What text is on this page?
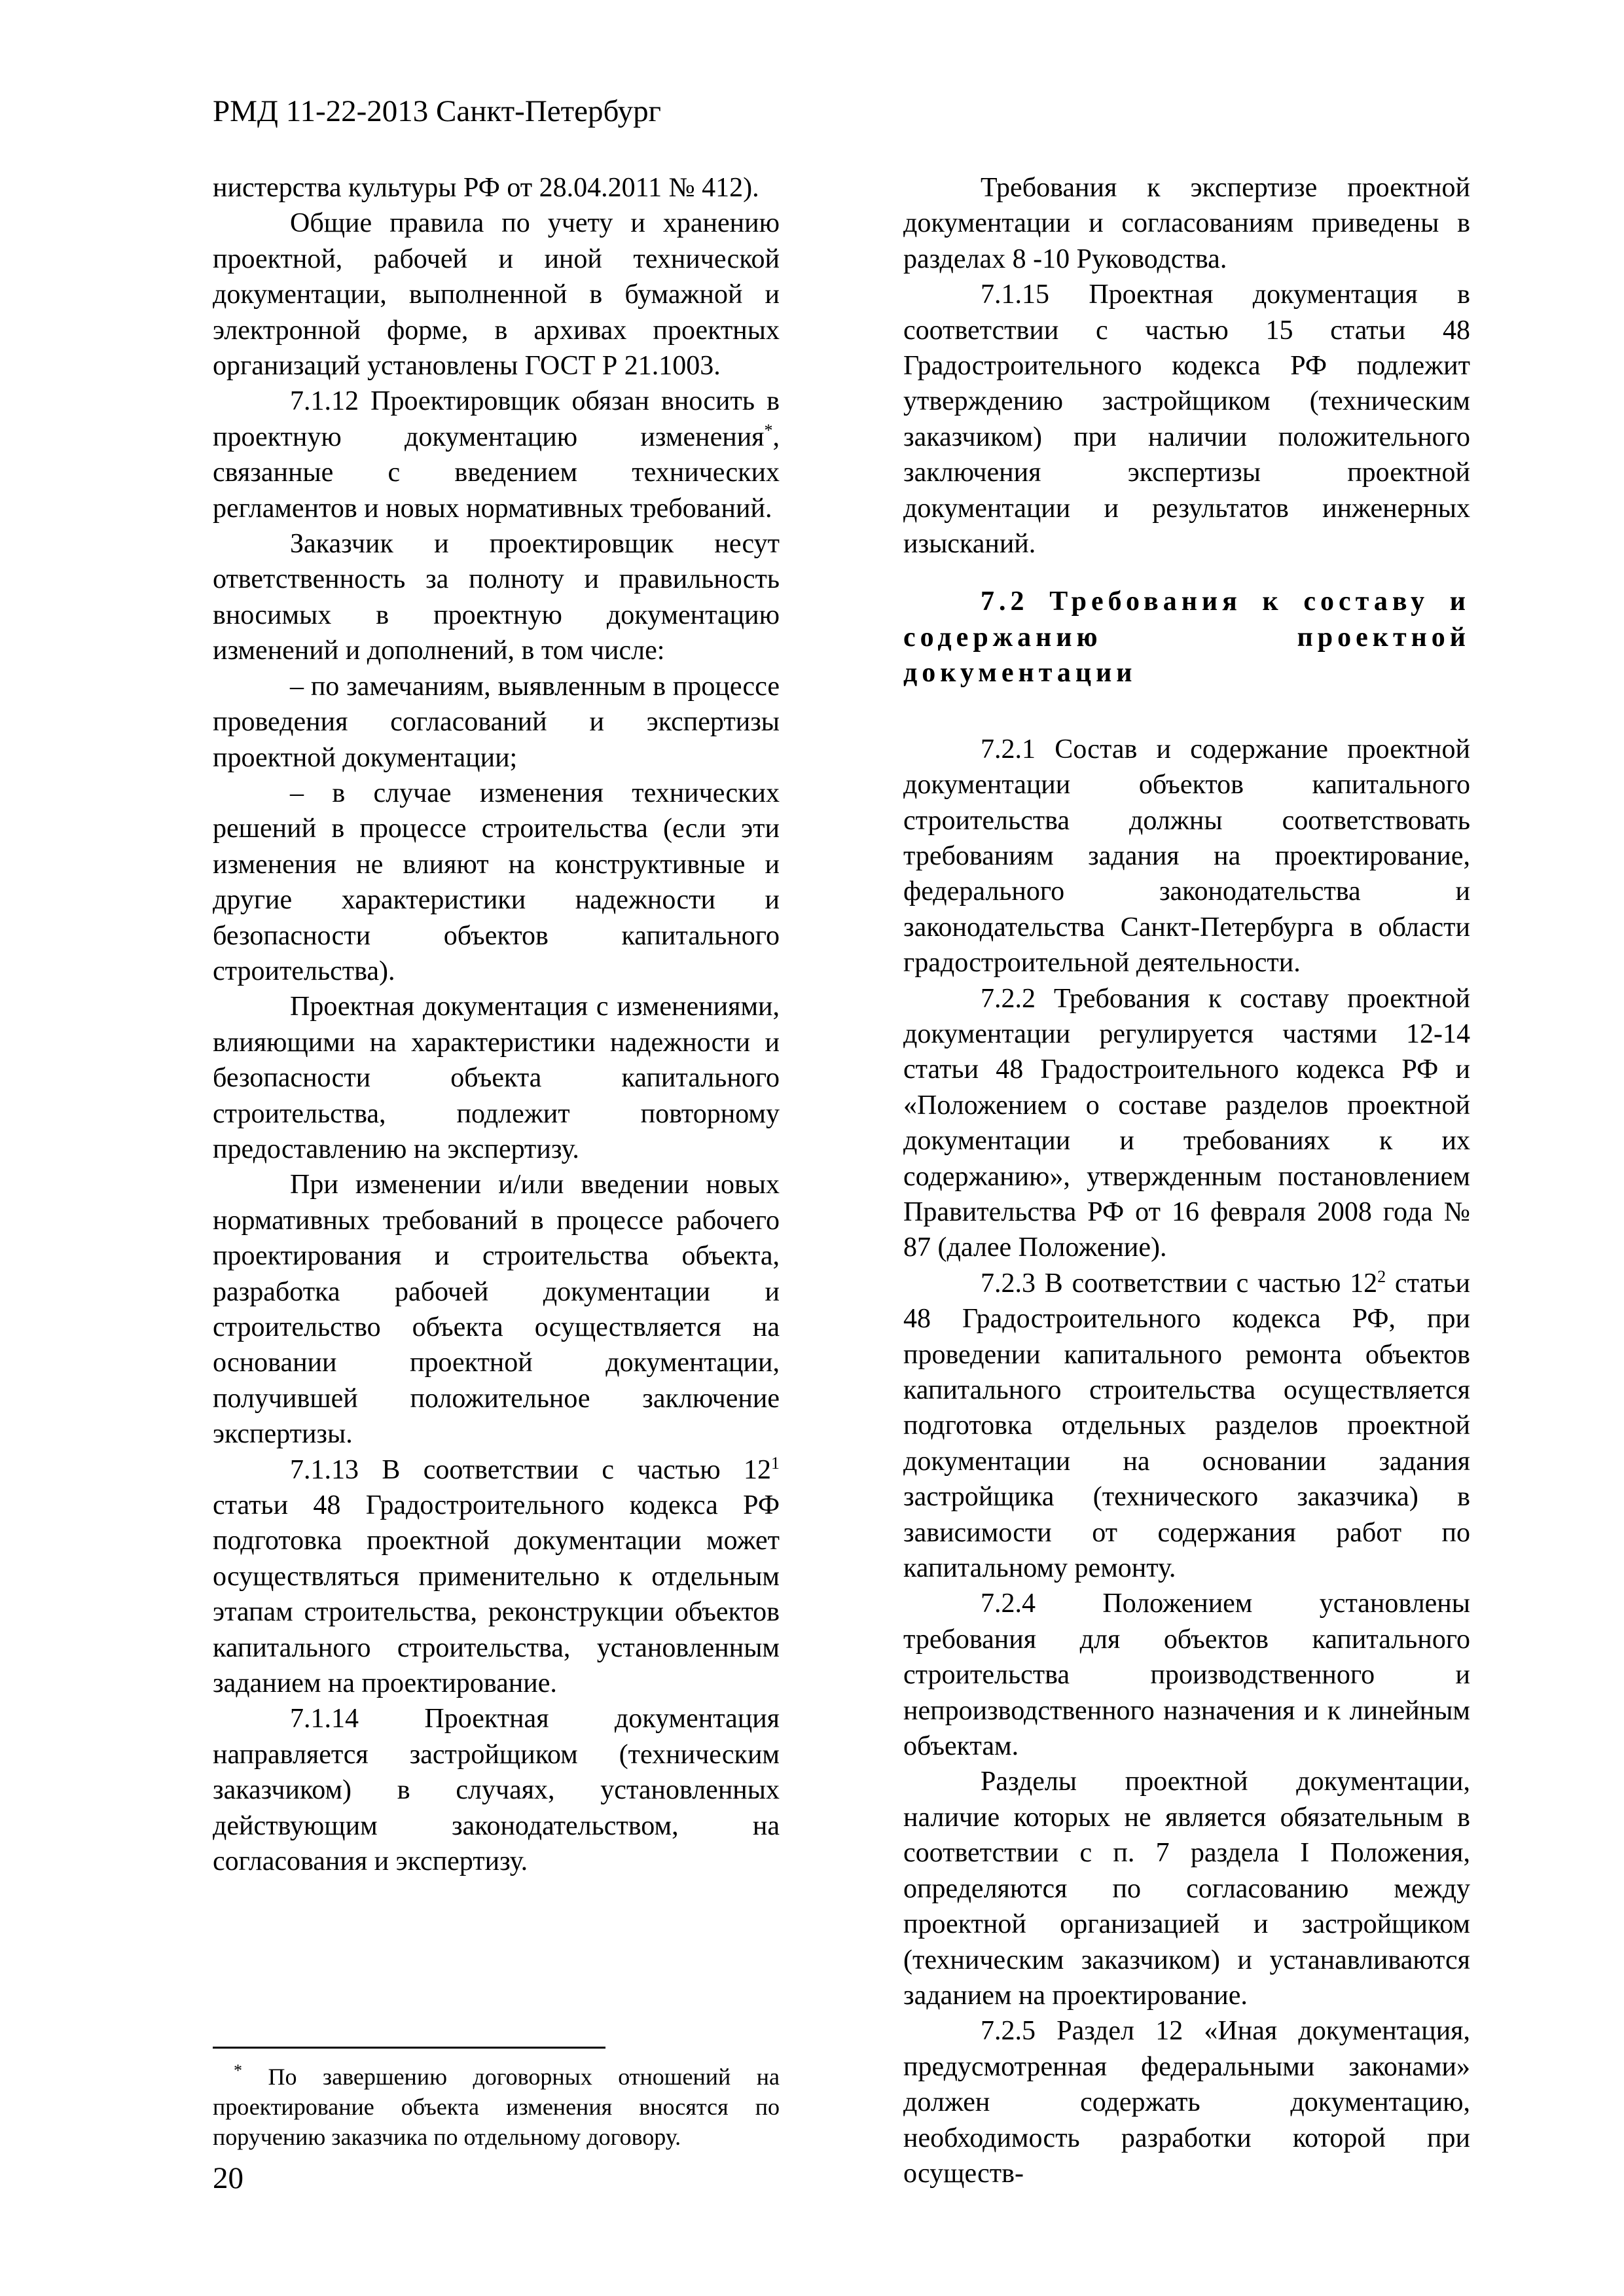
РМД 11-22-2013 Санкт-Петербург

нистерства культуры РФ от 28.04.2011 № 412).

Общие правила по учету и хранению проектной, рабочей и иной технической документации, выполненной в бумажной и электронной форме, в архивах проектных организаций установлены ГОСТ Р 21.1003.

7.1.12 Проектировщик обязан вносить в проектную документацию изменения*, связанные с введением технических регламентов и новых нормативных требований.

Заказчик и проектировщик несут ответственность за полноту и правильность вносимых в проектную документацию изменений и дополнений, в том числе:

– по замечаниям, выявленным в процессе проведения согласований и экспертизы проектной документации;

– в случае изменения технических решений в процессе строительства (если эти изменения не влияют на конструктивные и другие характеристики надежности и безопасности объектов капитального строительства).

Проектная документация с изменениями, влияющими на характеристики надежности и безопасности объекта капитального строительства, подлежит повторному предоставлению на экспертизу.

При изменении и/или введении новых нормативных требований в процессе рабочего проектирования и строительства объекта, разработка рабочей документации и строительство объекта осуществляется на основании проектной документации, получившей положительное заключение экспертизы.

7.1.13 В соответствии с частью $12^1$ статьи 48 Градостроительного кодекса РФ подготовка проектной документации может осуществляться применительно к отдельным этапам строительства, реконструкции объектов капитального строительства, установленным заданием на проектирование.

7.1.14 Проектная документация направляется застройщиком (техническим заказчиком) в случаях, установленных действующим законодательством, на согласования и экспертизу.

Требования к экспертизе проектной документации и согласованиям приведены в разделах 8 -10 Руководства.

7.1.15 Проектная документация в соответствии с частью 15 статьи 48 Градостроительного кодекса РФ подлежит утверждению застройщиком (техническим заказчиком) при наличии положительного заключения экспертизы проектной документации и результатов инженерных изысканий.

7.2 Требования к составу и содержанию проектной документации

7.2.1 Состав и содержание проектной документации объектов капитального строительства должны соответствовать требованиям задания на проектирование, федерального законодательства и законодательства Санкт-Петербурга в области градостроительной деятельности.

7.2.2 Требования к составу проектной документации регулируется частями 12-14 статьи 48 Градостроительного кодекса РФ и «Положением о составе разделов проектной документации и требованиях к их содержанию», утвержденным постановлением Правительства РФ от 16 февраля 2008 года № 87 (далее Положение).

7.2.3 В соответствии с частью $12^2$ статьи 48 Градостроительного кодекса РФ, при проведении капитального ремонта объектов капитального строительства осуществляется подготовка отдельных разделов проектной документации на основании задания застройщика (технического заказчика) в зависимости от содержания работ по капитальному ремонту.

7.2.4 Положением установлены требования для объектов капитального строительства производственного и непроизводственного назначения и к линейным объектам.

Разделы проектной документации, наличие которых не является обязательным в соответствии с п. 7 раздела I Положения, определяются по согласованию между проектной организацией и застройщиком (техническим заказчиком) и устанавливаются заданием на проектирование.

7.2.5 Раздел 12 «Иная документация, предусмотренная федеральными законами» должен содержать документацию, необходимость разработки которой при осуществ-

* По завершению договорных отношений на проектирование объекта изменения вносятся по поручению заказчика по отдельному договору.

20
